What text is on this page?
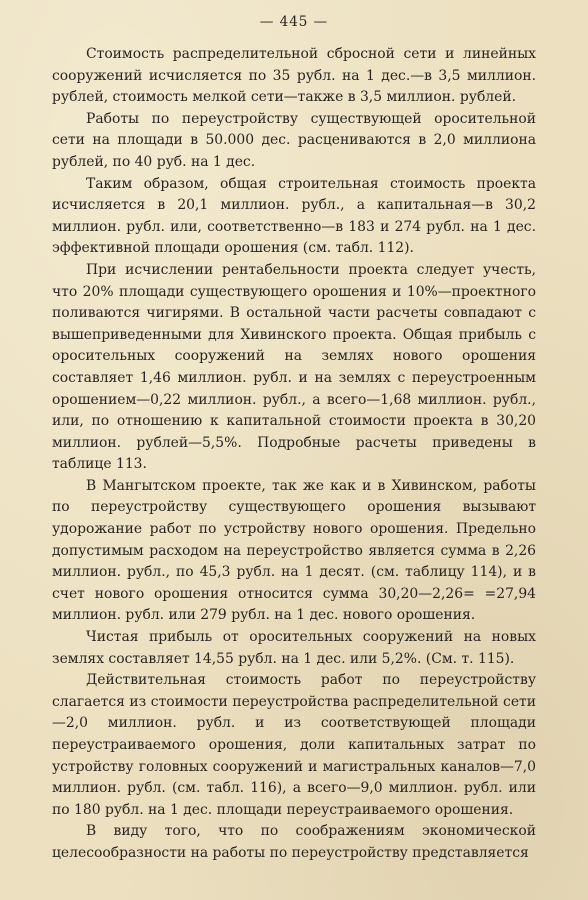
— 445 —

Стоимость распределительной сбросной сети и линейных сооружений исчисляется по 35 рубл. на 1 дес.—в 3,5 миллион. рублей, стоимость мелкой сети—также в 3,5 миллион. рублей.

Работы по переустройству существующей оросительной сети на площади в 50.000 дес. расцениваются в 2,0 миллиона рублей, по 40 руб. на 1 дес.

Таким образом, общая строительная стоимость проекта исчисляется в 20,1 миллион. рубл., а капитальная—в 30,2 миллион. рубл. или, соответственно—в 183 и 274 рубл. на 1 дес. эффективной площади орошения (см. табл. 112).

При исчислении рентабельности проекта следует учесть, что 20% площади существующего орошения и 10%—проектного поливаются чигирями. В остальной части расчеты совпадают с вышеприведенными для Хивинского проекта. Общая прибыль с оросительных сооружений на землях нового орошения составляет 1,46 миллион. рубл. и на землях с переустроенным орошением—0,22 миллион. рубл., а всего—1,68 миллион. рубл., или, по отношению к капитальной стоимости проекта в 30,20 миллион. рублей—5,5%. Подробные расчеты приведены в таблице 113.

В Мангытском проекте, так же как и в Хивинском, работы по переустройству существующего орошения вызывают удорожание работ по устройству нового орошения. Предельно допустимым расходом на переустройство является сумма в 2,26 миллион. рубл., по 45,3 рубл. на 1 десят. (см. таблицу 114), и в счет нового орошения относится сумма 30,20—2,26= =27,94 миллион. рубл. или 279 рубл. на 1 дес. нового орошения.

Чистая прибыль от оросительных сооружений на новых землях составляет 14,55 рубл. на 1 дес. или 5,2%. (См. т. 115).

Действительная стоимость работ по переустройству слагается из стоимости переустройства распределительной сети—2,0 миллион. рубл. и из соответствующей площади переустраиваемого орошения, доли капитальных затрат по устройству головных сооружений и магистральных каналов—7,0 миллион. рубл. (см. табл. 116), а всего—9,0 миллион. рубл. или по 180 рубл. на 1 дес. площади переустраиваемого орошения.

В виду того, что по соображениям экономической целесообразности на работы по переустройству представляется
